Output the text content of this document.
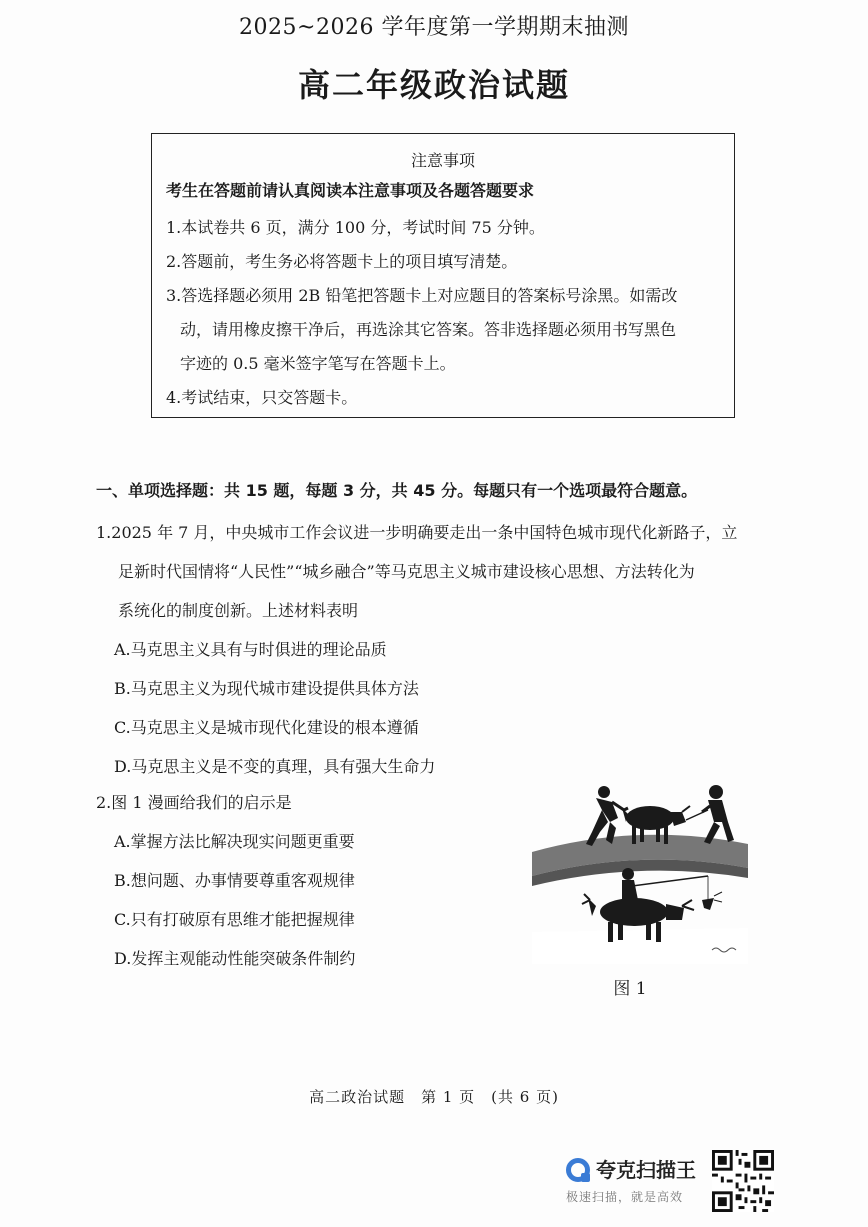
2025~2026 学年度第一学期期末抽测
高二年级政治试题
注意事项
考生在答题前请认真阅读本注意事项及各题答题要求
1.本试卷共 6 页，满分 100 分，考试时间 75 分钟。
2.答题前，考生务必将答题卡上的项目填写清楚。
3.答选择题必须用 2B 铅笔把答题卡上对应题目的答案标号涂黑。如需改
动，请用橡皮擦干净后，再选涂其它答案。答非选择题必须用书写黑色
字迹的 0.5 毫米签字笔写在答题卡上。
4.考试结束，只交答题卡。
一、单项选择题：共 15 题，每题 3 分，共 45 分。每题只有一个选项最符合题意。
1.2025 年 7 月，中央城市工作会议进一步明确要走出一条中国特色城市现代化新路子，立
足新时代国情将“人民性”“城乡融合”等马克思主义城市建设核心思想、方法转化为
系统化的制度创新。上述材料表明
A.马克思主义具有与时俱进的理论品质
B.马克思主义为现代城市建设提供具体方法
C.马克思主义是城市现代化建设的根本遵循
D.马克思主义是不变的真理，具有强大生命力
2.图 1 漫画给我们的启示是
A.掌握方法比解决现实问题更重要
B.想问题、办事情要尊重客观规律
C.只有打破原有思维才能把握规律
D.发挥主观能动性能突破条件制约
图 1
高二政治试题　第 1 页　(共 6 页)
夸克扫描王
极速扫描，就是高效
